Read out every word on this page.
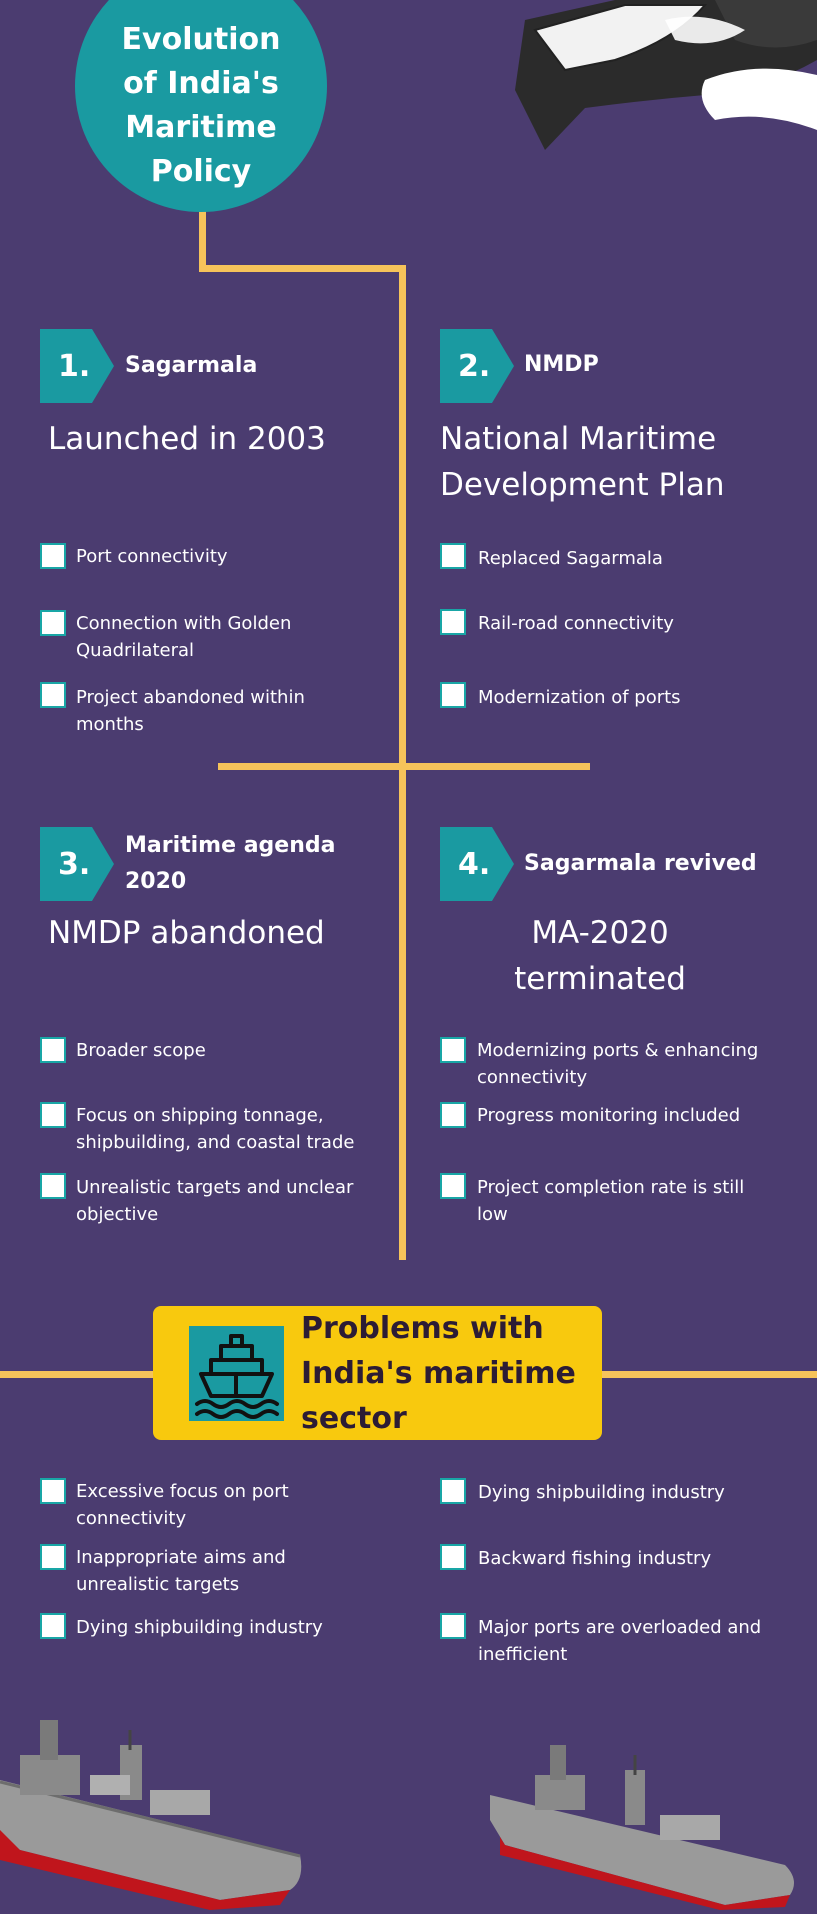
Evolution of India's Maritime Policy
1. Sagarmala
Launched in 2003
Port connectivity
Connection with Golden Quadrilateral
Project abandoned within months
2. NMDP
National Maritime Development Plan
Replaced Sagarmala
Rail-road connectivity
Modernization of ports
3.
Maritime agenda 2020
NMDP abandoned
Broader scope
Focus on shipping tonnage, shipbuilding, and coastal trade
Unrealistic targets and unclear objective
4. Sagarmala revived
MA-2020 terminated
Modernizing ports & enhancing connectivity
Progress monitoring included
Project completion rate is still low
Problems with India's maritime sector
Excessive focus on port connectivity
Inappropriate aims and unrealistic targets
Dying shipbuilding industry
Dying shipbuilding industry
Backward fishing industry
Major ports are overloaded and inefficient
